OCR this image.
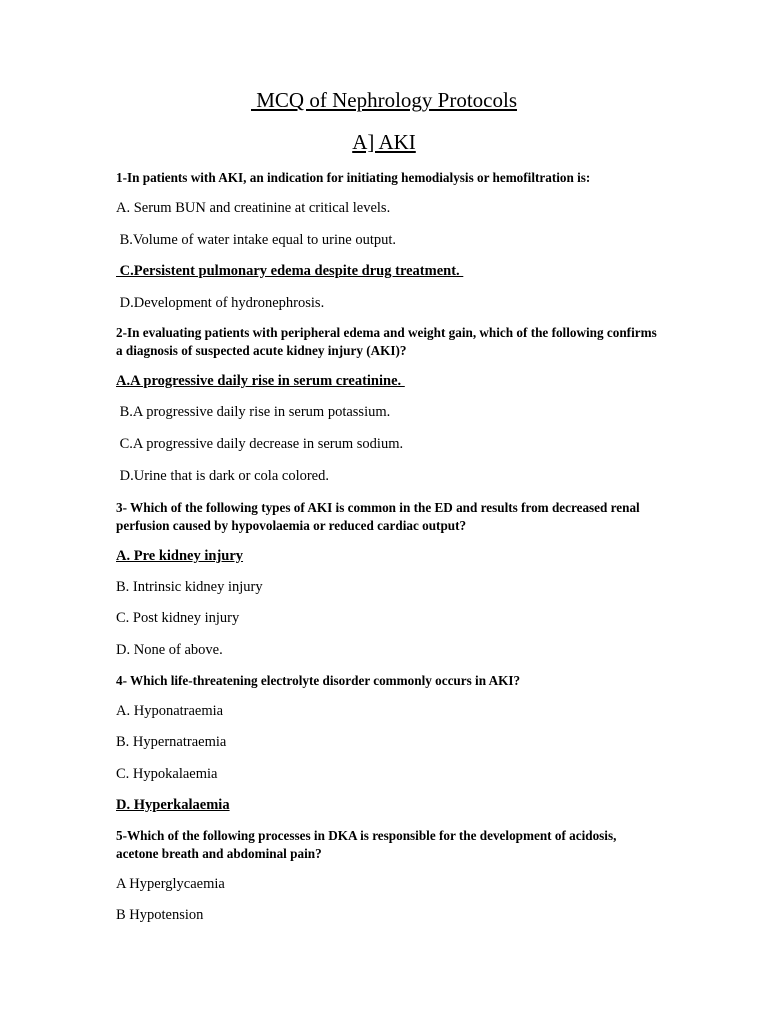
MCQ of Nephrology Protocols
A] AKI
1-In patients with AKI, an indication for initiating hemodialysis or hemofiltration is:
A. Serum BUN and creatinine at critical levels.
B.Volume of water intake equal to urine output.
C.Persistent pulmonary edema despite drug treatment.
D.Development of hydronephrosis.
2-In evaluating patients with peripheral edema and weight gain, which of the following confirms a diagnosis of suspected acute kidney injury (AKI)?
A.A progressive daily rise in serum creatinine.
B.A progressive daily rise in serum potassium.
C.A progressive daily decrease in serum sodium.
D.Urine that is dark or cola colored.
3- Which of the following types of AKI is common in the ED and results from decreased renal perfusion caused by hypovolaemia or reduced cardiac output?
A. Pre kidney injury
B. Intrinsic kidney injury
C. Post kidney injury
D. None of above.
4- Which life-threatening electrolyte disorder commonly occurs in AKI?
A. Hyponatraemia
B. Hypernatraemia
C. Hypokalaemia
D. Hyperkalaemia
5-Which of the following processes in DKA is responsible for the development of acidosis, acetone breath and abdominal pain?
A Hyperglycaemia
B Hypotension
